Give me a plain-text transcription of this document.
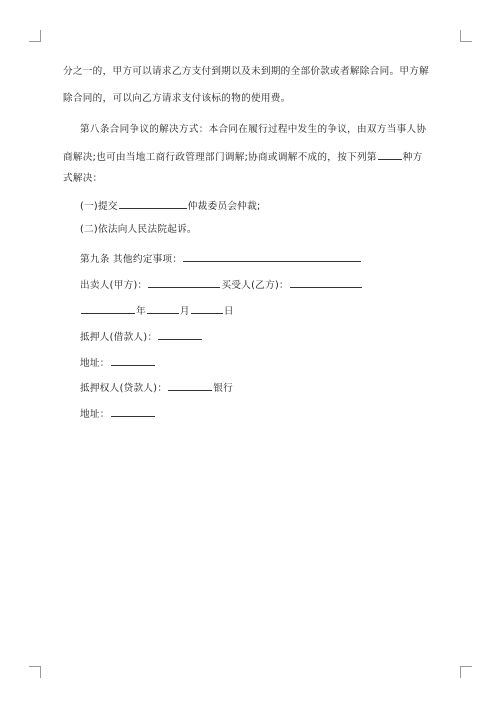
分之一的，甲方可以请求乙方支付到期以及未到期的全部价款或者解除合同。甲方解
除合同的，可以向乙方请求支付该标的物的使用费。
第八条合同争议的解决方式：本合同在履行过程中发生的争议，由双方当事人协
商解决;也可由当地工商行政管理部门调解;协商或调解不成的，按下列第	种方
式解决：
(一)提交	仲裁委员会仲裁;
(二)依法向人民法院起诉。
第九条 其他约定事项：
出卖人(甲方)：	买受人(乙方)：
年	月	日
抵押人(借款人)：
地址：
抵押权人(贷款人)：	银行
地址：
